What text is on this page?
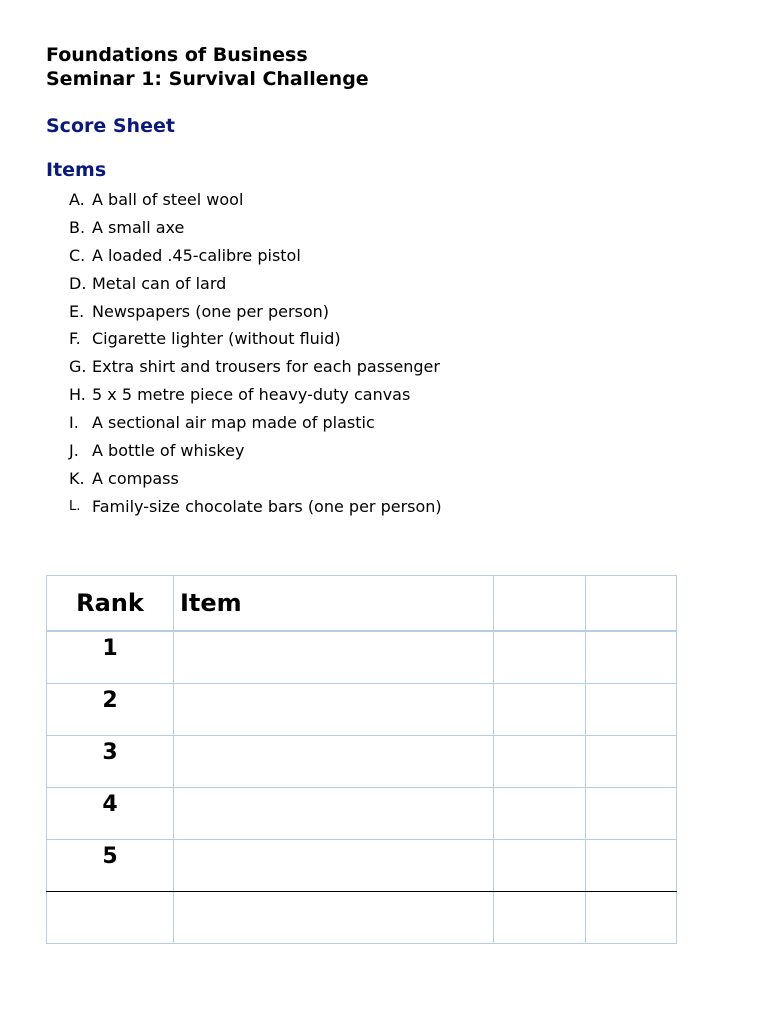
Foundations of Business
Seminar 1: Survival Challenge
Score Sheet
Items
A. A ball of steel wool
B. A small axe
C. A loaded .45-calibre pistol
D. Metal can of lard
E. Newspapers (one per person)
F. Cigarette lighter (without fluid)
G. Extra shirt and trousers for each passenger
H. 5 x 5 metre piece of heavy-duty canvas
I. A sectional air map made of plastic
J. A bottle of whiskey
K. A compass
L. Family-size chocolate bars (one per person)
Rank	Item		

1			

2			

3			

4			

5			
